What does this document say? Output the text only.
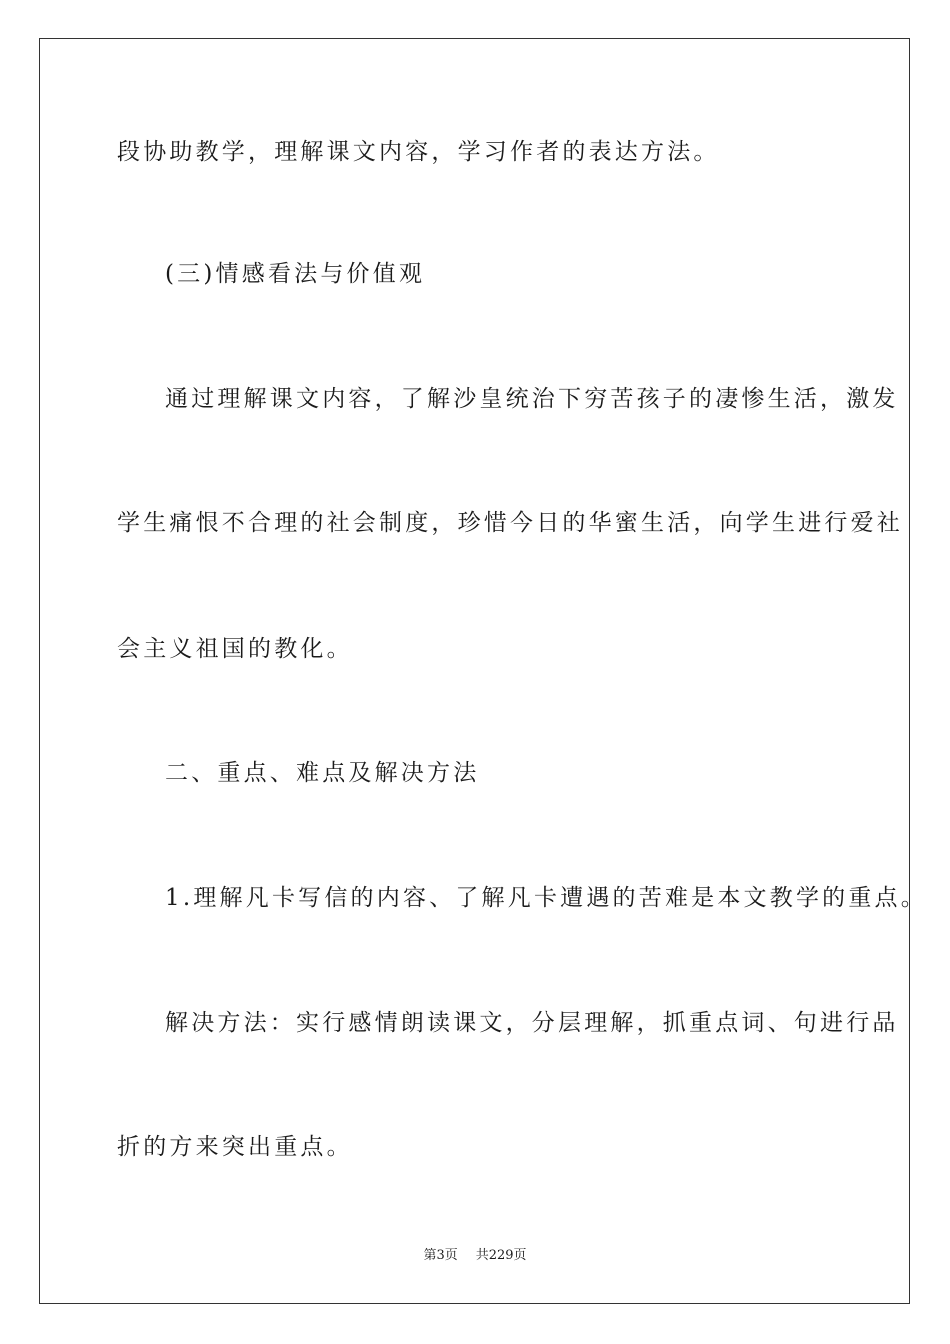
段协助教学，理解课文内容，学习作者的表达方法。
(三)情感看法与价值观
通过理解课文内容，了解沙皇统治下穷苦孩子的凄惨生活，激发
学生痛恨不合理的社会制度，珍惜今日的华蜜生活，向学生进行爱社
会主义祖国的教化。
二、重点、难点及解决方法
1.理解凡卡写信的内容、了解凡卡遭遇的苦难是本文教学的重点。
解决方法：实行感情朗读课文，分层理解，抓重点词、句进行品
折的方来突出重点。
第3页 共229页
